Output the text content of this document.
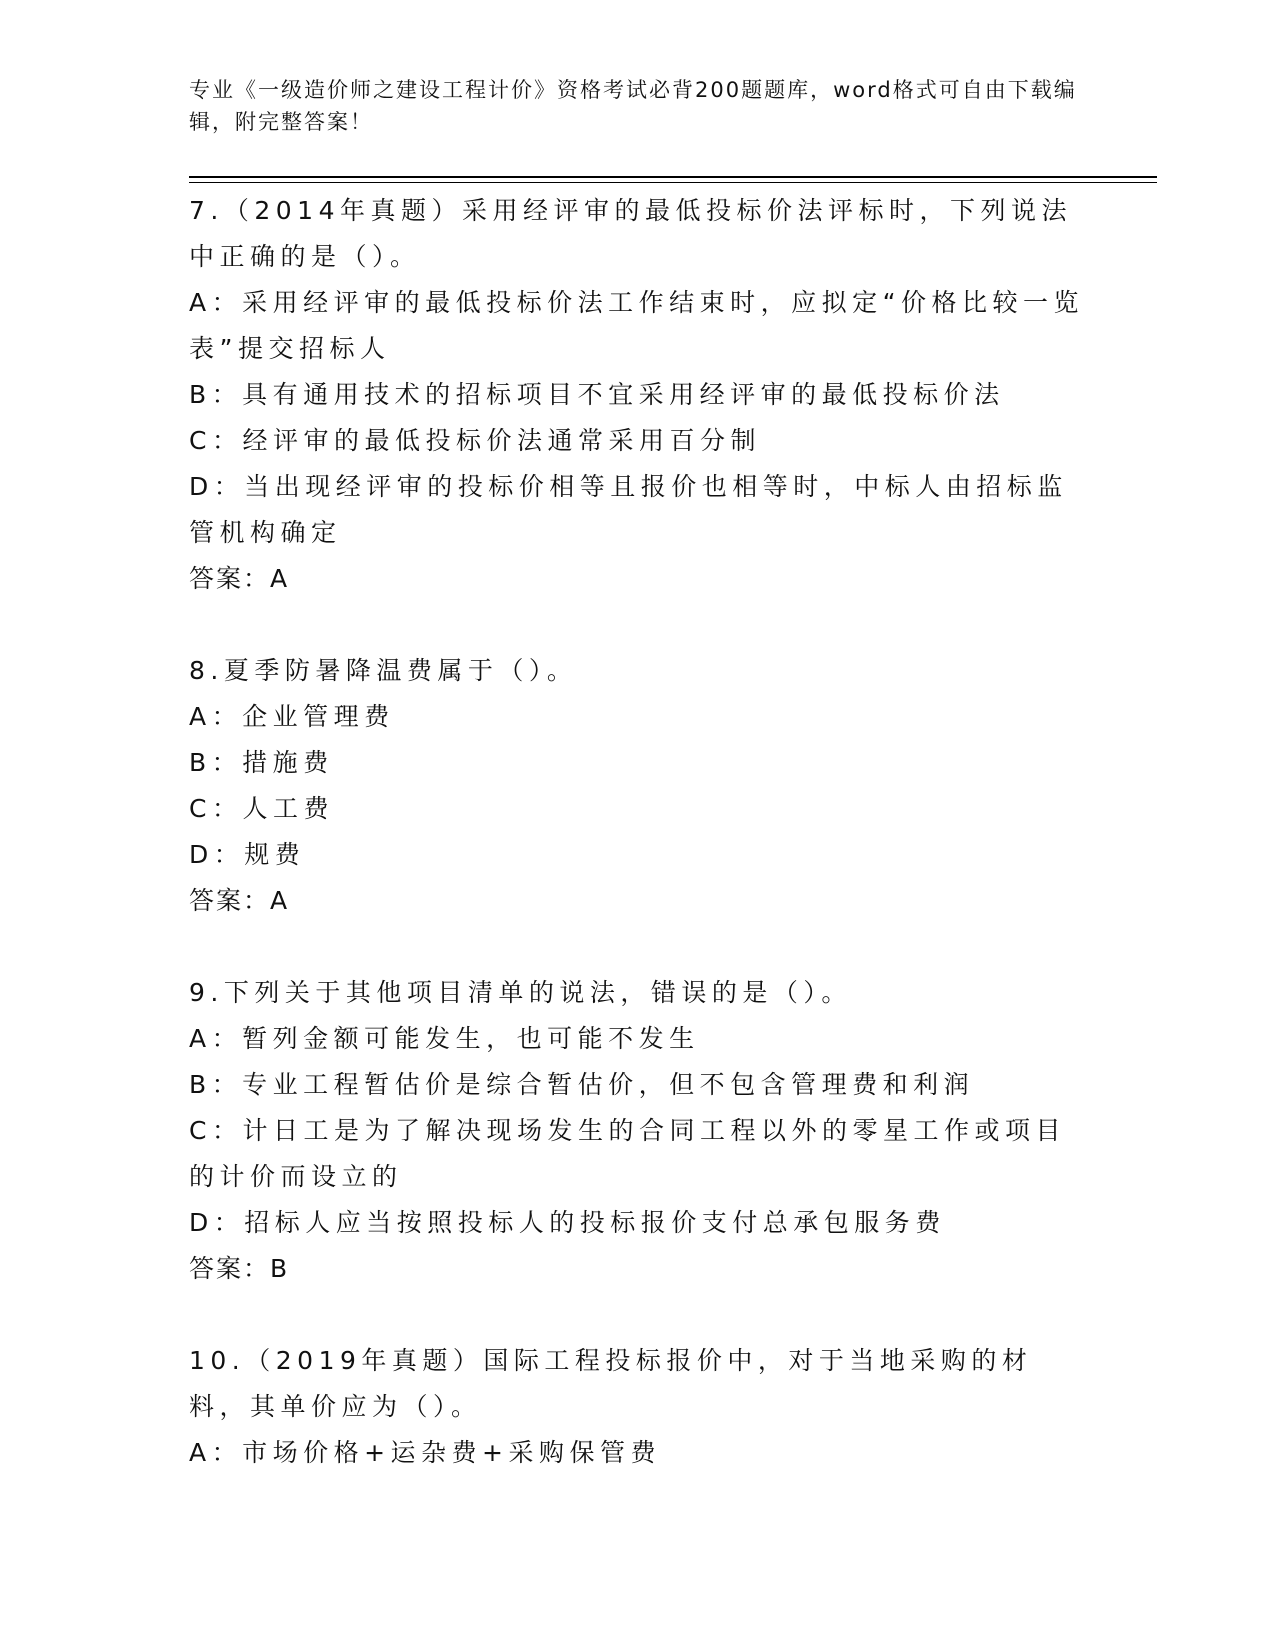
专业《一级造价师之建设工程计价》资格考试必背200题题库，word格式可自由下载编辑，附完整答案！

7.（2014年真题）采用经评审的最低投标价法评标时，下列说法中正确的是（）。

A：采用经评审的最低投标价法工作结束时，应拟定“价格比较一览表”提交招标人

B：具有通用技术的招标项目不宜采用经评审的最低投标价法

C：经评审的最低投标价法通常采用百分制

D：当出现经评审的投标价相等且报价也相等时，中标人由招标监管机构确定

答案：A

8.夏季防暑降温费属于（）。

A：企业管理费

B：措施费

C：人工费

D：规费

答案：A

9.下列关于其他项目清单的说法，错误的是（）。

A：暂列金额可能发生，也可能不发生

B：专业工程暂估价是综合暂估价，但不包含管理费和利润

C：计日工是为了解决现场发生的合同工程以外的零星工作或项目的计价而设立的

D：招标人应当按照投标人的投标报价支付总承包服务费

答案：B

10.（2019年真题）国际工程投标报价中，对于当地采购的材料，其单价应为（）。

A：市场价格+运杂费+采购保管费
